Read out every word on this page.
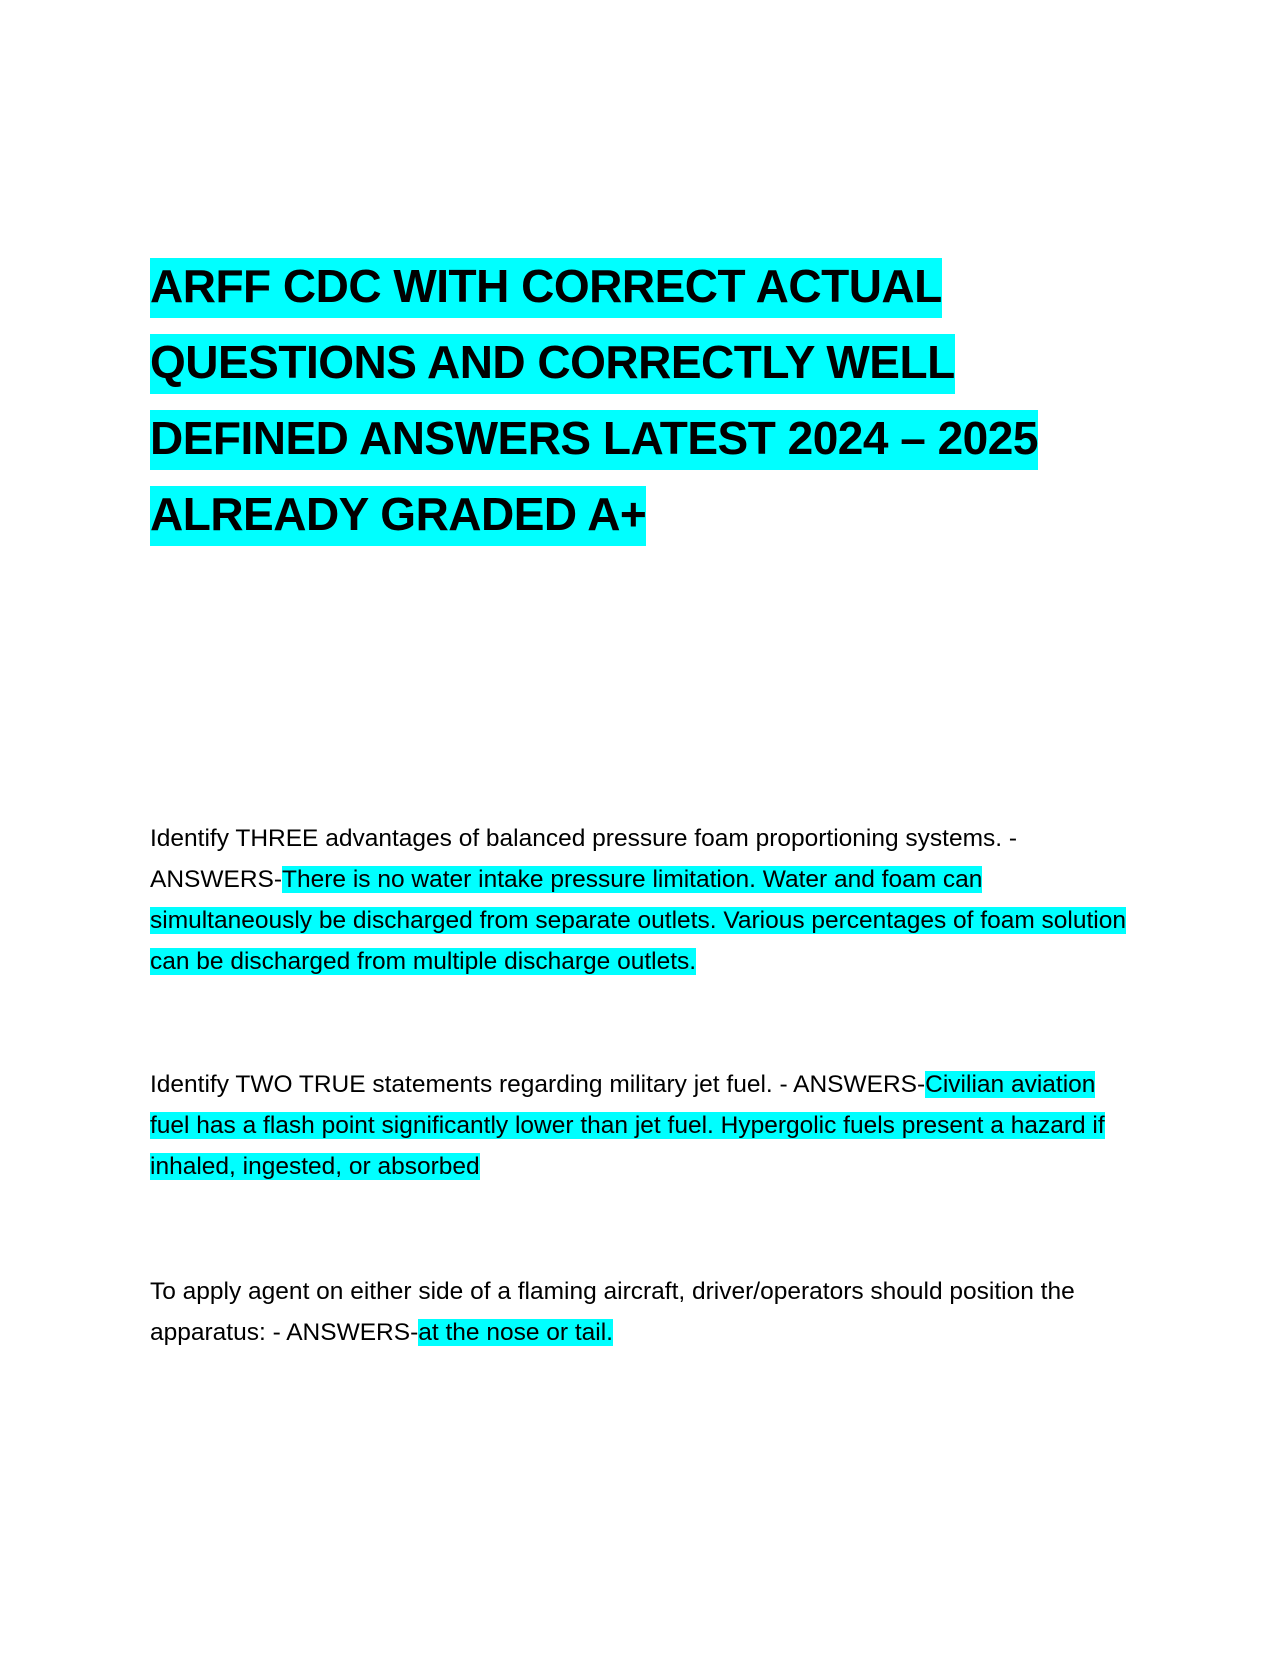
ARFF CDC WITH CORRECT ACTUAL QUESTIONS AND CORRECTLY WELL DEFINED ANSWERS LATEST 2024 – 2025 ALREADY GRADED A+

Identify THREE advantages of balanced pressure foam proportioning systems. - ANSWERS-There is no water intake pressure limitation. Water and foam can simultaneously be discharged from separate outlets. Various percentages of foam solution can be discharged from multiple discharge outlets.

Identify TWO TRUE statements regarding military jet fuel. - ANSWERS-Civilian aviation fuel has a flash point significantly lower than jet fuel. Hypergolic fuels present a hazard if inhaled, ingested, or absorbed

To apply agent on either side of a flaming aircraft, driver/operators should position the apparatus: - ANSWERS-at the nose or tail.
